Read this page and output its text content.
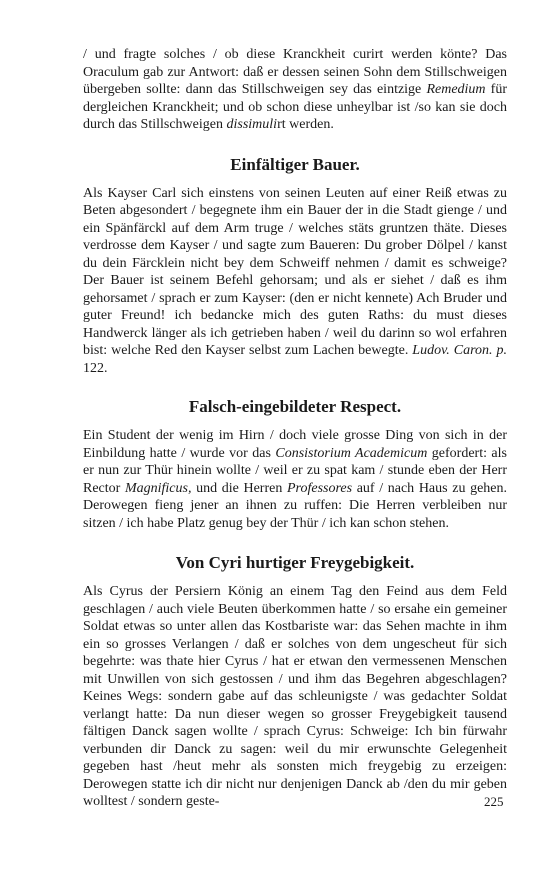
/ und fragte solches / ob diese Kranckheit curirt werden könte? Das Oraculum gab zur Antwort: daß er dessen seinen Sohn dem Stillschweigen übergeben sollte: dann das Stillschweigen sey das eintzige Remedium für dergleichen Kranckheit; und ob schon diese unheylbar ist /so kan sie doch durch das Stillschweigen dissimulirt werden.

Einfältiger Bauer.

Als Kayser Carl sich einstens von seinen Leuten auf einer Reiß etwas zu Beten abgesondert / begegnete ihm ein Bauer der in die Stadt gienge / und ein Spänfärckl auf dem Arm truge / welches stäts gruntzen thäte. Dieses verdrosse dem Kayser / und sagte zum Baueren: Du grober Dölpel / kanst du dein Färcklein nicht bey dem Schweiff nehmen / damit es schweige? Der Bauer ist seinem Befehl gehorsam; und als er siehet / daß es ihm gehorsamet / sprach er zum Kayser: (den er nicht kennete) Ach Bruder und guter Freund! ich bedancke mich des guten Raths: du must dieses Handwerck länger als ich getrieben haben / weil du darinn so wol erfahren bist: welche Red den Kayser selbst zum Lachen bewegte. Ludov. Caron. p. 122.

Falsch-eingebildeter Respect.

Ein Student der wenig im Hirn / doch viele grosse Ding von sich in der Einbildung hatte / wurde vor das Consistorium Academicum gefordert: als er nun zur Thür hinein wollte / weil er zu spat kam / stunde eben der Herr Rector Magnificus, und die Herren Professores auf / nach Haus zu gehen. Derowegen fieng jener an ihnen zu ruffen: Die Herren verbleiben nur sitzen / ich habe Platz genug bey der Thür / ich kan schon stehen.

Von Cyri hurtiger Freygebigkeit.

Als Cyrus der Persiern König an einem Tag den Feind aus dem Feld geschlagen / auch viele Beuten überkommen hatte / so ersahe ein gemeiner Soldat etwas so unter allen das Kostbariste war: das Sehen machte in ihm ein so grosses Verlangen / daß er solches von dem ungescheut für sich begehrte: was thate hier Cyrus / hat er etwan den vermessenen Menschen mit Unwillen von sich gestossen / und ihm das Begehren abgeschlagen? Keines Wegs: sondern gabe auf das schleunigste / was gedachter Soldat verlangt hatte: Da nun dieser wegen so grosser Freygebigkeit tausend fältigen Danck sagen wollte / sprach Cyrus: Schweige: Ich bin fürwahr verbunden dir Danck zu sagen: weil du mir erwunschte Gelegenheit gegeben hast /heut mehr als sonsten mich freygebig zu erzeigen: Derowegen statte ich dir nicht nur denjenigen Danck ab /den du mir geben wolltest / sondern geste-	225
